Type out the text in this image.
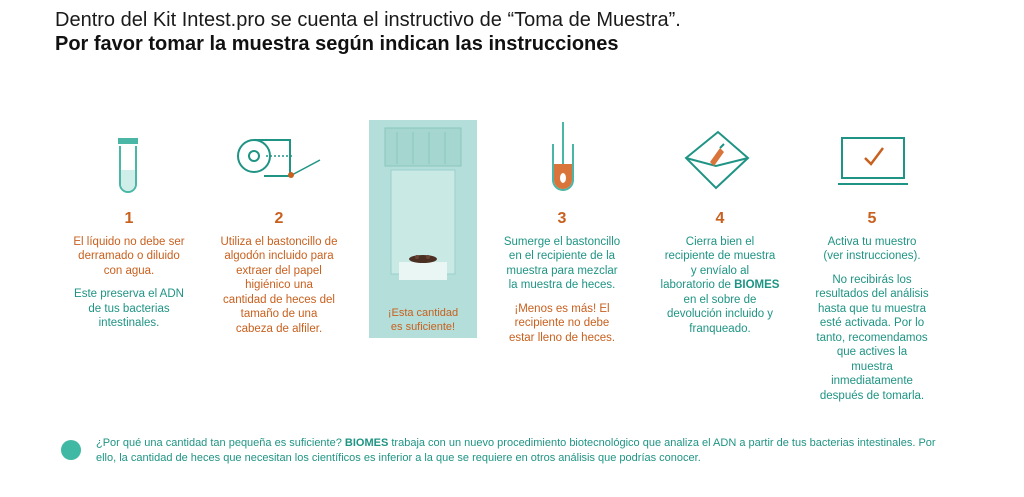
Dentro del Kit Intest.pro se cuenta el instructivo de “Toma de Muestra”.
Por favor tomar la muestra según indican las instrucciones
¡Esta cantidad
es suficiente!
1
El líquido no debe ser
derramado o diluido
con agua.
Este preserva el ADN
de tus bacterias
intestinales.
2
Utiliza el bastoncillo de
algodón incluido para
extraer del papel
higiénico una
cantidad de heces del
tamaño de una
cabeza de alfiler.
3
Sumerge el bastoncillo
en el recipiente de la
muestra para mezclar
la muestra de heces.
¡Menos es más! El
recipiente no debe
estar lleno de heces.
4
Cierra bien el
recipiente de muestra
y envíalo al
laboratorio de BIOMES
en el sobre de
devolución incluido y
franqueado.
5
Activa tu muestro
(ver instrucciones).
No recibirás los
resultados del análisis
hasta que tu muestra
esté activada. Por lo
tanto, recomendamos
que actives la
muestra
inmediatamente
después de tomarla.
¿Por qué una cantidad tan pequeña es suficiente? BIOMES trabaja con un nuevo procedimiento biotecnológico que analiza el ADN a partir de tus bacterias intestinales. Por ello, la cantidad de heces que necesitan los científicos es inferior a la que se requiere en otros análisis que podrías conocer.
